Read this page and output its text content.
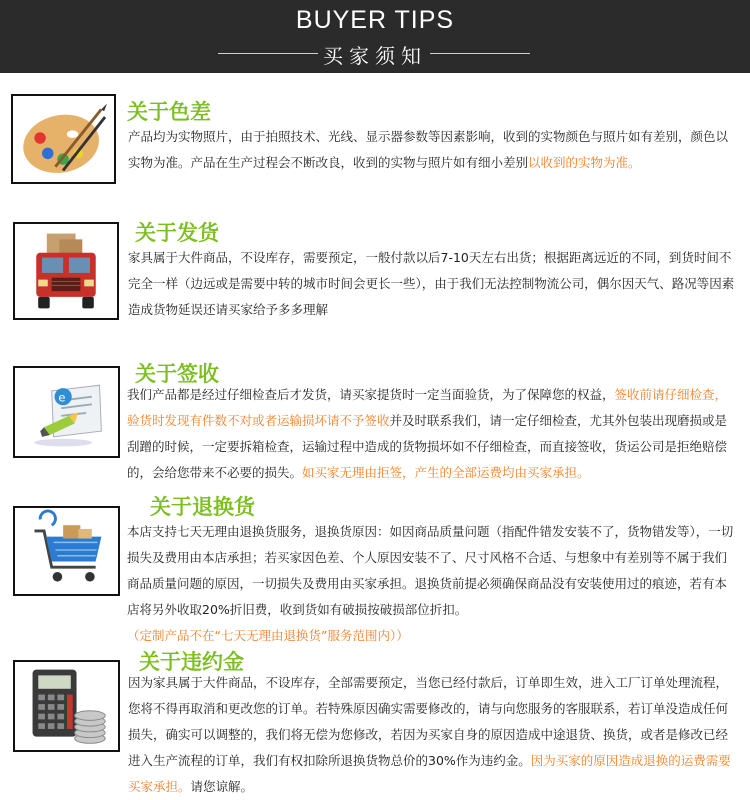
BUYER TIPS
买家须知
关于色差
产品均为实物照片，由于拍照技术、光线、显示器参数等因素影响，收到的实物颜色与照片如有差别，颜色以实物为准。产品在生产过程会不断改良，收到的实物与照片如有细小差别以收到的实物为准。
关于发货
家具属于大件商品，不设库存，需要预定，一般付款以后7-10天左右出货；根据距离远近的不同，到货时间不完全一样（边远或是需要中转的城市时间会更长一些），由于我们无法控制物流公司，偶尔因天气、路况等因素造成货物延误还请买家给予多多理解
e
关于签收
我们产品都是经过仔细检查后才发货，请买家提货时一定当面验货，为了保障您的权益，签收前请仔细检查，验货时发现有件数不对或者运输损坏请不予签收并及时联系我们，请一定仔细检查，尤其外包装出现磨损或是刮蹭的时候，一定要拆箱检查，运输过程中造成的货物损坏如不仔细检查，而直接签收，货运公司是拒绝赔偿的，会给您带来不必要的损失。如买家无理由拒签，产生的全部运费均由买家承担。
关于退换货
本店支持七天无理由退换货服务，退换货原因：如因商品质量问题（指配件错发安装不了，货物错发等），一切损失及费用由本店承担；若买家因色差、个人原因安装不了、尺寸风格不合适、与想象中有差别等不属于我们商品质量问题的原因，一切损失及费用由买家承担。退换货前提必须确保商品没有安装使用过的痕迹，若有本店将另外收取20%折旧费，收到货如有破损按破损部位折扣。（定制产品不在“七天无理由退换货”服务范围内））
关于违约金
因为家具属于大件商品，不设库存，全部需要预定，当您已经付款后，订单即生效，进入工厂订单处理流程，您将不得再取消和更改您的订单。若特殊原因确实需要修改的，请与向您服务的客服联系，若订单没造成任何损失，确实可以调整的，我们将无偿为您修改，若因为买家自身的原因造成中途退货、换货，或者是修改已经进入生产流程的订单，我们有权扣除所退换货物总价的30%作为违约金。因为买家的原因造成退换的运费需要买家承担。请您谅解。
